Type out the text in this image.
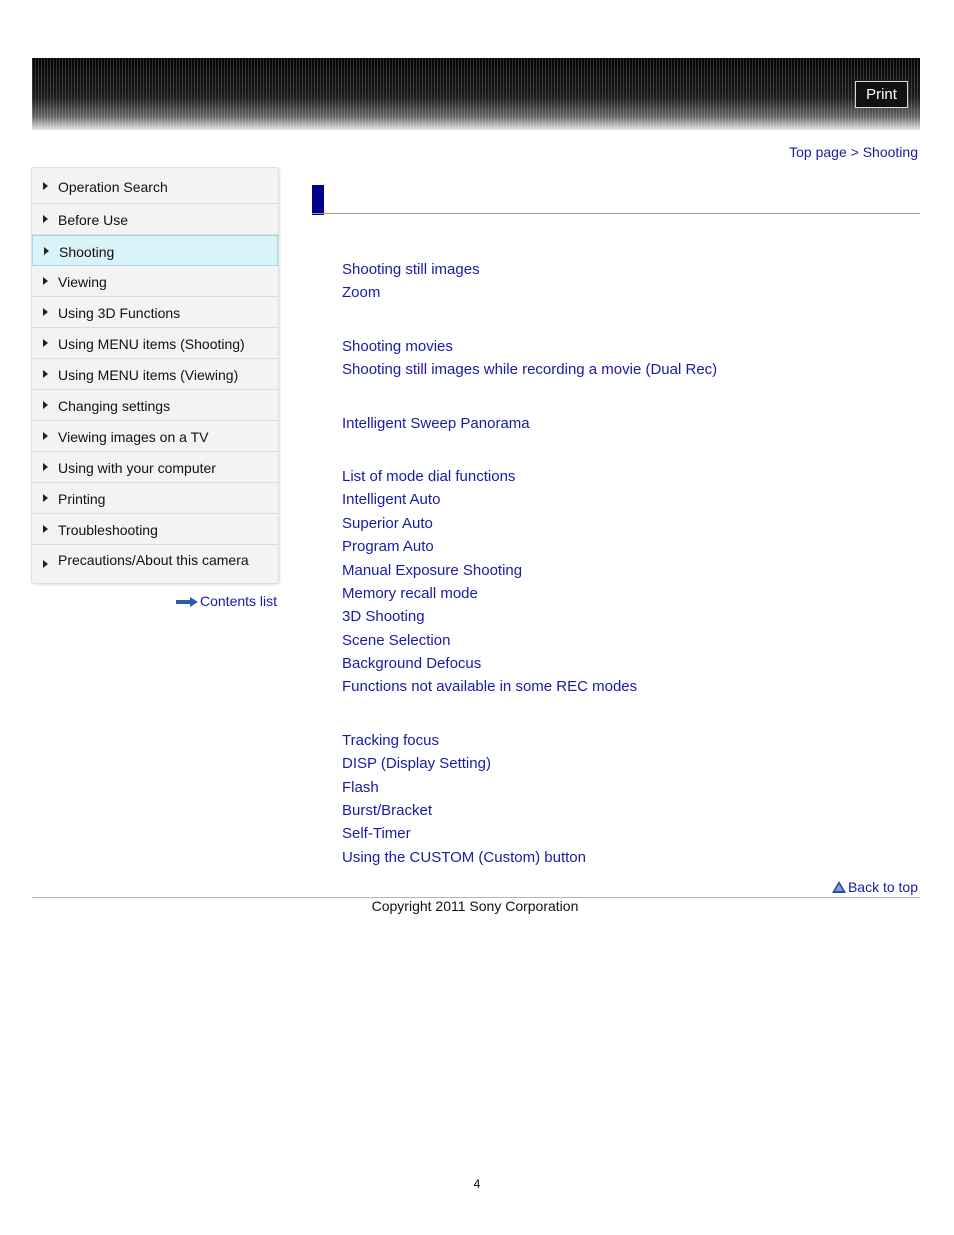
Print
Top page > Shooting
Operation Search
Before Use
Shooting
Viewing
Using 3D Functions
Using MENU items (Shooting)
Using MENU items (Viewing)
Changing settings
Viewing images on a TV
Using with your computer
Printing
Troubleshooting
Precautions/About this camera
Contents list
Shooting still images
Zoom
Shooting movies
Shooting still images while recording a movie (Dual Rec)
Intelligent Sweep Panorama
List of mode dial functions
Intelligent Auto
Superior Auto
Program Auto
Manual Exposure Shooting
Memory recall mode
3D Shooting
Scene Selection
Background Defocus
Functions not available in some REC modes
Tracking focus
DISP (Display Setting)
Flash
Burst/Bracket
Self-Timer
Using the CUSTOM (Custom) button
Back to top
Copyright 2011 Sony Corporation
4
